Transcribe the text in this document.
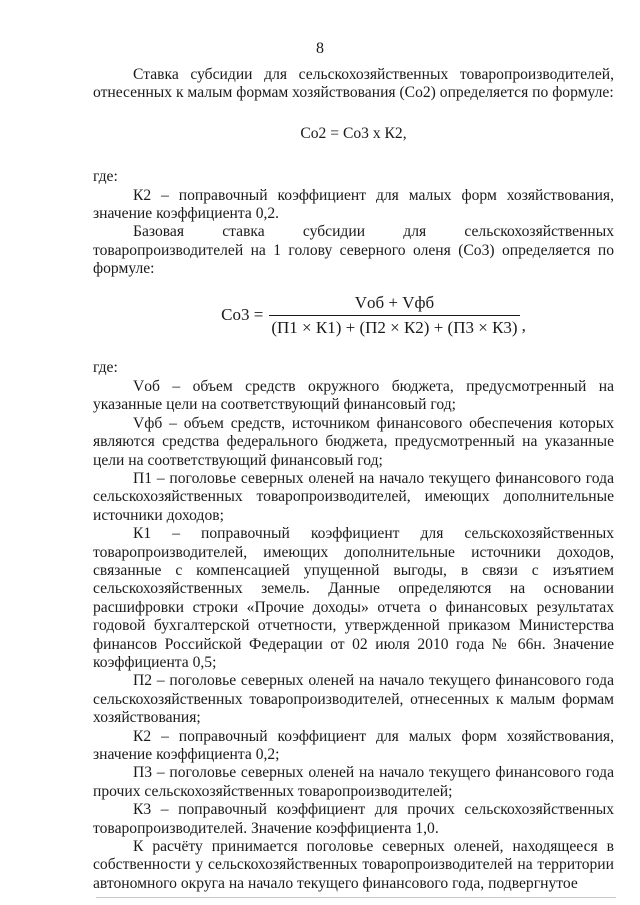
8

Ставка субсидии для сельскохозяйственных товаропроизводителей, отнесенных к малым формам хозяйствования (Со2) определяется по формуле:

Со2 = Со3 х К2,

где:

К2 – поправочный коэффициент для малых форм хозяйствования, значение коэффициента 0,2.

Базовая ставка субсидии для сельскохозяйственных товаропроизводителей на 1 голову северного оленя (Со3) определяется по формуле:

$Со3 = \frac{\text{Vоб + Vфб}}{(П1 \times К1) + (П2 \times К2) + (П3 \times К3)}$ ,

где:

Vоб – объем средств окружного бюджета, предусмотренный на указанные цели на соответствующий финансовый год;

Vфб – объем средств, источником финансового обеспечения которых являются средства федерального бюджета, предусмотренный на указанные цели на соответствующий финансовый год;

П1 – поголовье северных оленей на начало текущего финансового года сельскохозяйственных товаропроизводителей, имеющих дополнительные источники доходов;

К1 – поправочный коэффициент для сельскохозяйственных товаропроизводителей, имеющих дополнительные источники доходов, связанные с компенсацией упущенной выгоды, в связи с изъятием сельскохозяйственных земель. Данные определяются на основании расшифровки строки «Прочие доходы» отчета о финансовых результатах годовой бухгалтерской отчетности, утвержденной приказом Министерства финансов Российской Федерации от 02 июля 2010 года № 66н. Значение коэффициента 0,5;

П2 – поголовье северных оленей на начало текущего финансового года сельскохозяйственных товаропроизводителей, отнесенных к малым формам хозяйствования;

К2 – поправочный коэффициент для малых форм хозяйствования, значение коэффициента 0,2;

П3 – поголовье северных оленей на начало текущего финансового года прочих сельскохозяйственных товаропроизводителей;

К3 – поправочный коэффициент для прочих сельскохозяйственных товаропроизводителей. Значение коэффициента 1,0.

К расчёту принимается поголовье северных оленей, находящееся в собственности у сельскохозяйственных товаропроизводителей на территории автономного округа на начало текущего финансового года, подвергнутое
